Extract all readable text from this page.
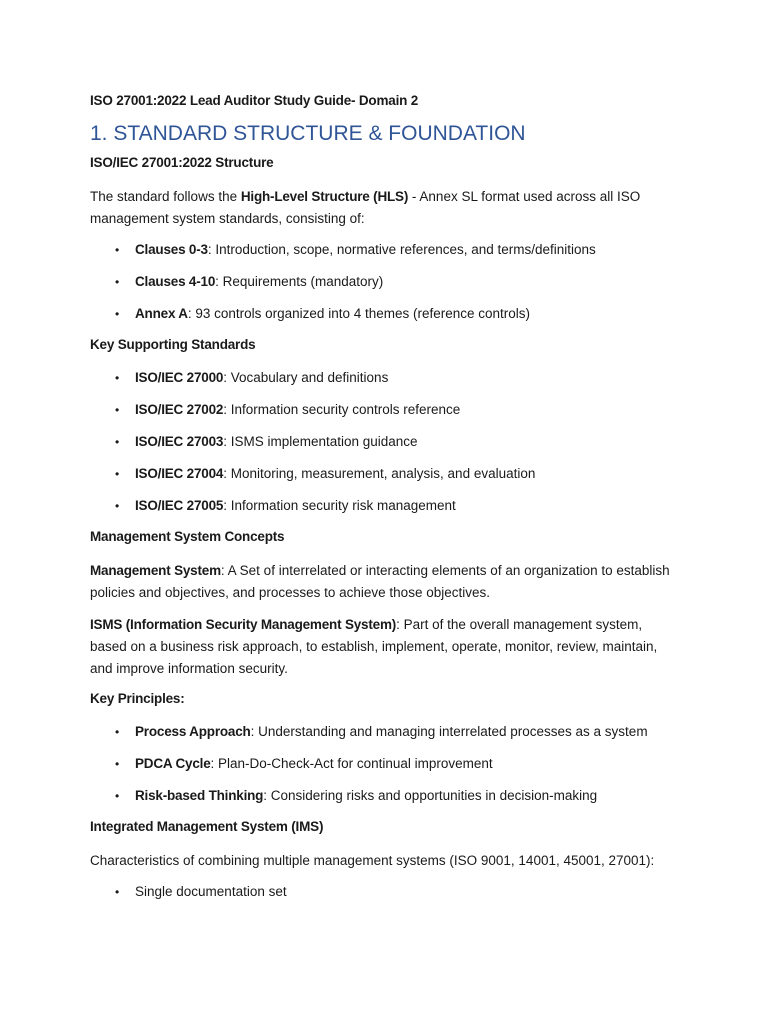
ISO 27001:2022 Lead Auditor Study Guide- Domain 2
1. STANDARD STRUCTURE & FOUNDATION
ISO/IEC 27001:2022 Structure
The standard follows the High-Level Structure (HLS) - Annex SL format used across all ISO management system standards, consisting of:
• Clauses 0-3: Introduction, scope, normative references, and terms/definitions
• Clauses 4-10: Requirements (mandatory)
• Annex A: 93 controls organized into 4 themes (reference controls)
Key Supporting Standards
• ISO/IEC 27000: Vocabulary and definitions
• ISO/IEC 27002: Information security controls reference
• ISO/IEC 27003: ISMS implementation guidance
• ISO/IEC 27004: Monitoring, measurement, analysis, and evaluation
• ISO/IEC 27005: Information security risk management
Management System Concepts
Management System: A Set of interrelated or interacting elements of an organization to establish policies and objectives, and processes to achieve those objectives.
ISMS (Information Security Management System): Part of the overall management system, based on a business risk approach, to establish, implement, operate, monitor, review, maintain, and improve information security.
Key Principles:
• Process Approach: Understanding and managing interrelated processes as a system
• PDCA Cycle: Plan-Do-Check-Act for continual improvement
• Risk-based Thinking: Considering risks and opportunities in decision-making
Integrated Management System (IMS)
Characteristics of combining multiple management systems (ISO 9001, 14001, 45001, 27001):
• Single documentation set
